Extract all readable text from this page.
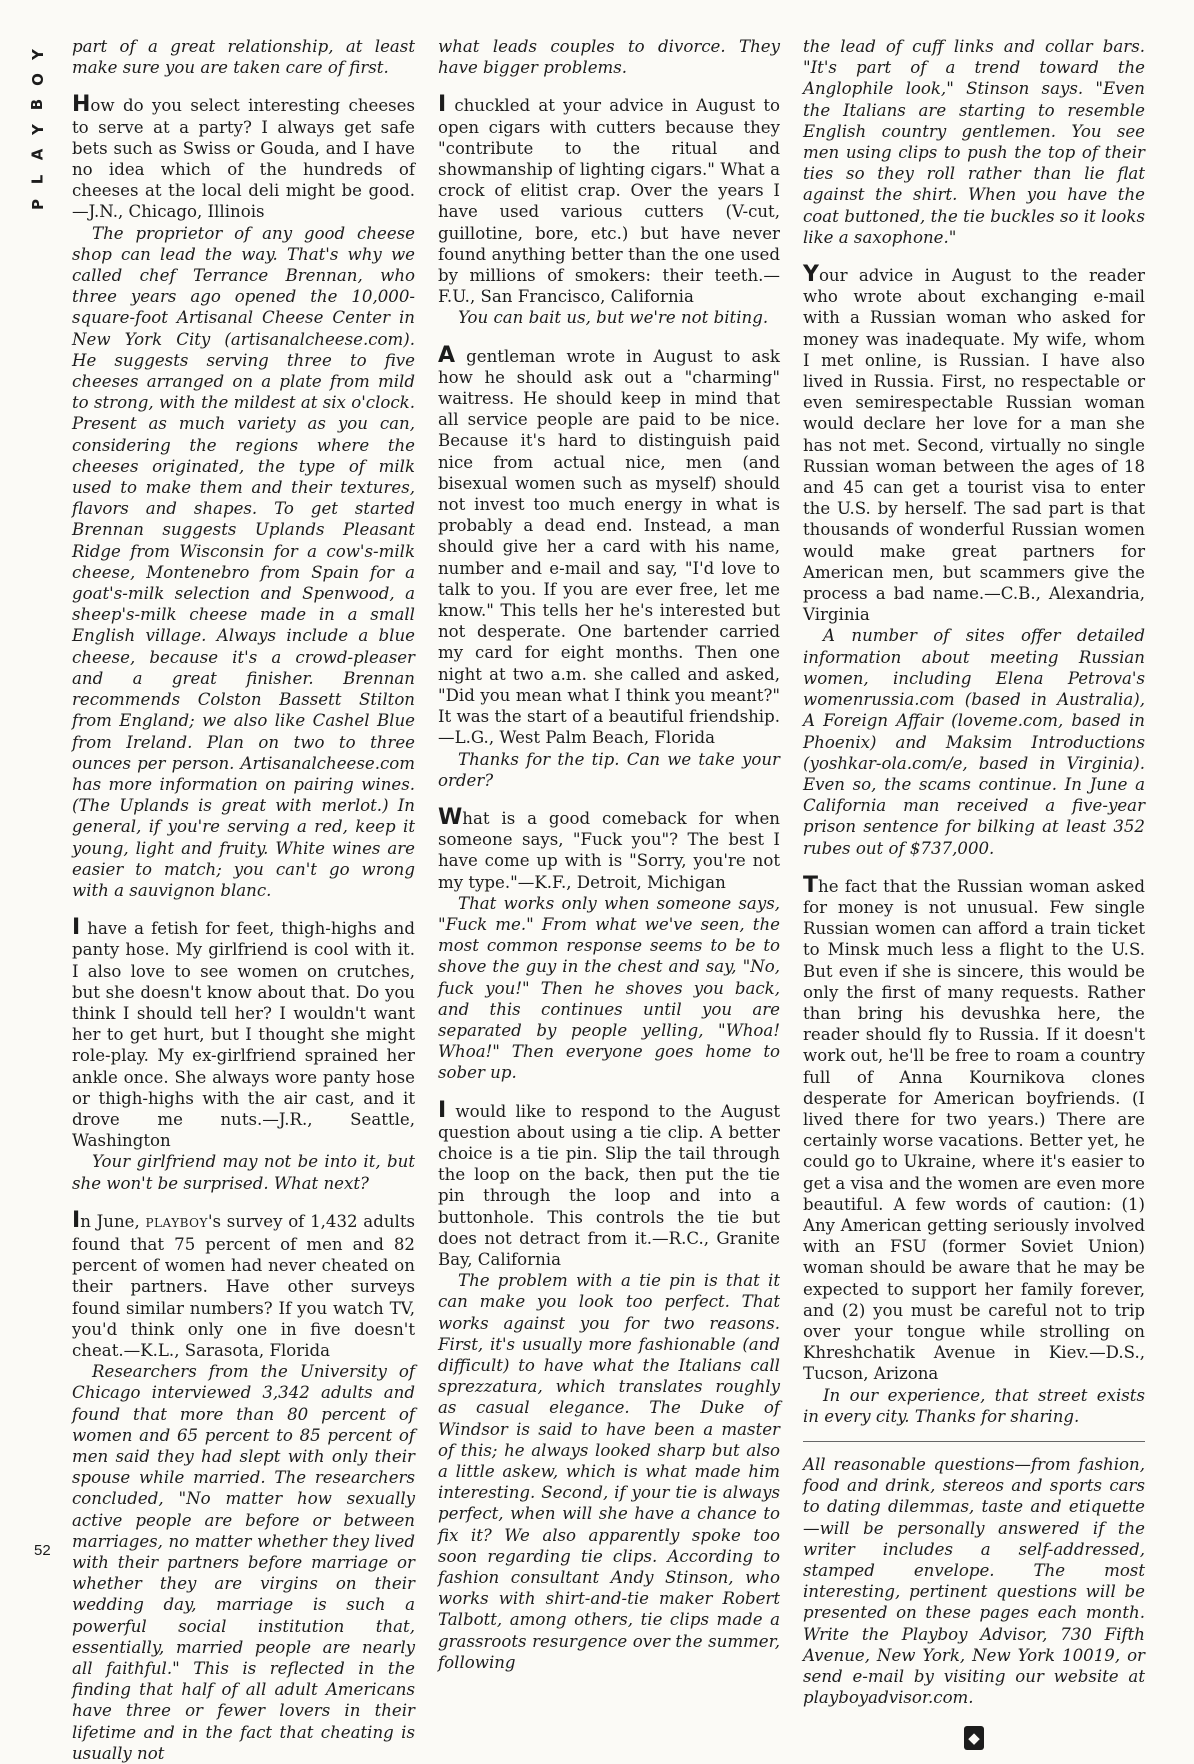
Y
O
B
Y
A
L
P
52

part of a great relationship, at least make sure you are taken care of first.

How do you select interesting cheeses to serve at a party? I always get safe bets such as Swiss or Gouda, and I have no idea which of the hundreds of cheeses at the local deli might be good.—J.N., Chicago, Illinois

The proprietor of any good cheese shop can lead the way. That's why we called chef Terrance Brennan, who three years ago opened the 10,000-square-foot Artisanal Cheese Center in New York City (artisanalcheese.com). He suggests serving three to five cheeses arranged on a plate from mild to strong, with the mildest at six o'clock. Present as much variety as you can, considering the regions where the cheeses originated, the type of milk used to make them and their textures, flavors and shapes. To get started Brennan suggests Uplands Pleasant Ridge from Wisconsin for a cow's-milk cheese, Montenebro from Spain for a goat's-milk selection and Spenwood, a sheep's-milk cheese made in a small English village. Always include a blue cheese, because it's a crowd-pleaser and a great finisher. Brennan recommends Colston Bassett Stilton from England; we also like Cashel Blue from Ireland. Plan on two to three ounces per person. Artisanalcheese.com has more information on pairing wines. (The Uplands is great with merlot.) In general, if you're serving a red, keep it young, light and fruity. White wines are easier to match; you can't go wrong with a sauvignon blanc.

I have a fetish for feet, thigh-highs and panty hose. My girlfriend is cool with it. I also love to see women on crutches, but she doesn't know about that. Do you think I should tell her? I wouldn't want her to get hurt, but I thought she might role-play. My ex-girlfriend sprained her ankle once. She always wore panty hose or thigh-highs with the air cast, and it drove me nuts.—J.R., Seattle, Washington

Your girlfriend may not be into it, but she won't be surprised. What next?

In June, PLAYBOY's survey of 1,432 adults found that 75 percent of men and 82 percent of women had never cheated on their partners. Have other surveys found similar numbers? If you watch TV, you'd think only one in five doesn't cheat.—K.L., Sarasota, Florida

Researchers from the University of Chicago interviewed 3,342 adults and found that more than 80 percent of women and 65 percent to 85 percent of men said they had slept with only their spouse while married. The researchers concluded, "No matter how sexually active people are before or between marriages, no matter whether they lived with their partners before marriage or whether they are virgins on their wedding day, marriage is such a powerful social institution that, essentially, married people are nearly all faithful." This is reflected in the finding that half of all adult Americans have three or fewer lovers in their lifetime and in the fact that cheating is usually not

what leads couples to divorce. They have bigger problems.

I chuckled at your advice in August to open cigars with cutters because they "contribute to the ritual and showmanship of lighting cigars." What a crock of elitist crap. Over the years I have used various cutters (V-cut, guillotine, bore, etc.) but have never found anything better than the one used by millions of smokers: their teeth.—F.U., San Francisco, California

You can bait us, but we're not biting.

A gentleman wrote in August to ask how he should ask out a "charming" waitress. He should keep in mind that all service people are paid to be nice. Because it's hard to distinguish paid nice from actual nice, men (and bisexual women such as myself) should not invest too much energy in what is probably a dead end. Instead, a man should give her a card with his name, number and e-mail and say, "I'd love to talk to you. If you are ever free, let me know." This tells her he's interested but not desperate. One bartender carried my card for eight months. Then one night at two a.m. she called and asked, "Did you mean what I think you meant?" It was the start of a beautiful friendship.—L.G., West Palm Beach, Florida

Thanks for the tip. Can we take your order?

What is a good comeback for when someone says, "Fuck you"? The best I have come up with is "Sorry, you're not my type."—K.F., Detroit, Michigan

That works only when someone says, "Fuck me." From what we've seen, the most common response seems to be to shove the guy in the chest and say, "No, fuck you!" Then he shoves you back, and this continues until you are separated by people yelling, "Whoa! Whoa!" Then everyone goes home to sober up.

I would like to respond to the August question about using a tie clip. A better choice is a tie pin. Slip the tail through the loop on the back, then put the tie pin through the loop and into a buttonhole. This controls the tie but does not detract from it.—R.C., Granite Bay, California

The problem with a tie pin is that it can make you look too perfect. That works against you for two reasons. First, it's usually more fashionable (and difficult) to have what the Italians call sprezzatura, which translates roughly as casual elegance. The Duke of Windsor is said to have been a master of this; he always looked sharp but also a little askew, which is what made him interesting. Second, if your tie is always perfect, when will she have a chance to fix it? We also apparently spoke too soon regarding tie clips. According to fashion consultant Andy Stinson, who works with shirt-and-tie maker Robert Talbott, among others, tie clips made a grassroots resurgence over the summer, following

the lead of cuff links and collar bars. "It's part of a trend toward the Anglophile look," Stinson says. "Even the Italians are starting to resemble English country gentlemen. You see men using clips to push the top of their ties so they roll rather than lie flat against the shirt. When you have the coat buttoned, the tie buckles so it looks like a saxophone."

Your advice in August to the reader who wrote about exchanging e-mail with a Russian woman who asked for money was inadequate. My wife, whom I met online, is Russian. I have also lived in Russia. First, no respectable or even semirespectable Russian woman would declare her love for a man she has not met. Second, virtually no single Russian woman between the ages of 18 and 45 can get a tourist visa to enter the U.S. by herself. The sad part is that thousands of wonderful Russian women would make great partners for American men, but scammers give the process a bad name.—C.B., Alexandria, Virginia

A number of sites offer detailed information about meeting Russian women, including Elena Petrova's womenrussia.com (based in Australia), A Foreign Affair (loveme.com, based in Phoenix) and Maksim Introductions (yoshkar-ola.com/e, based in Virginia). Even so, the scams continue. In June a California man received a five-year prison sentence for bilking at least 352 rubes out of $737,000.

The fact that the Russian woman asked for money is not unusual. Few single Russian women can afford a train ticket to Minsk much less a flight to the U.S. But even if she is sincere, this would be only the first of many requests. Rather than bring his devushka here, the reader should fly to Russia. If it doesn't work out, he'll be free to roam a country full of Anna Kournikova clones desperate for American boyfriends. (I lived there for two years.) There are certainly worse vacations. Better yet, he could go to Ukraine, where it's easier to get a visa and the women are even more beautiful. A few words of caution: (1) Any American getting seriously involved with an FSU (former Soviet Union) woman should be aware that he may be expected to support her family forever, and (2) you must be careful not to trip over your tongue while strolling on Khreshchatik Avenue in Kiev.—D.S., Tucson, Arizona

In our experience, that street exists in every city. Thanks for sharing.

All reasonable questions—from fashion, food and drink, stereos and sports cars to dating dilemmas, taste and etiquette—will be personally answered if the writer includes a self-addressed, stamped envelope. The most interesting, pertinent questions will be presented on these pages each month. Write the Playboy Advisor, 730 Fifth Avenue, New York, New York 10019, or send e-mail by visiting our website at playboyadvisor.com.

◆
